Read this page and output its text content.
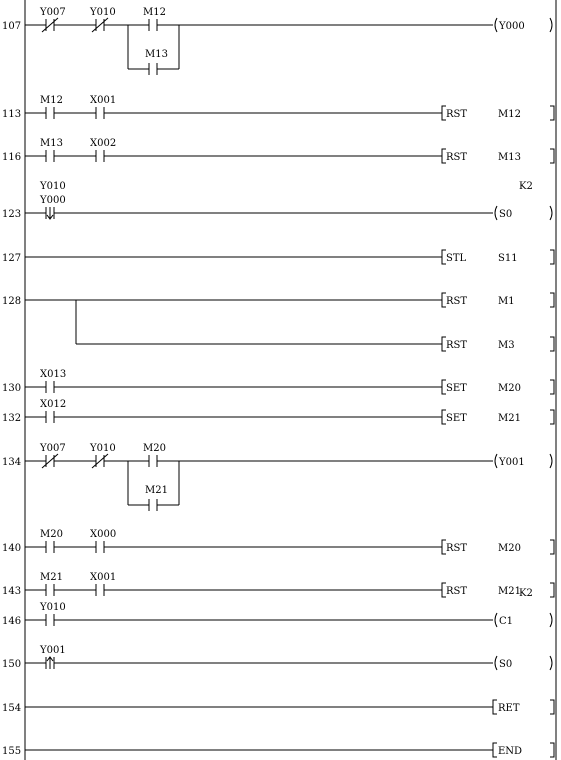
107
Y007 Y010	M12
M13
Y000
113
M12	X001
RST	M12
116
M13	X002
RST	M13
123
Y000
Y010
S0
K2
127	STL	S11
128	RST	M1
RST	M3
130
X013
SET	M20
132
X012
SET	M21
134
Y007 Y010	M20
M21
Y001
140
M20	X000
RST	M20
143
M21	X001
RST	M21
146
Y010
C1
K2
150
Y001
S0
154	RET
155	END
